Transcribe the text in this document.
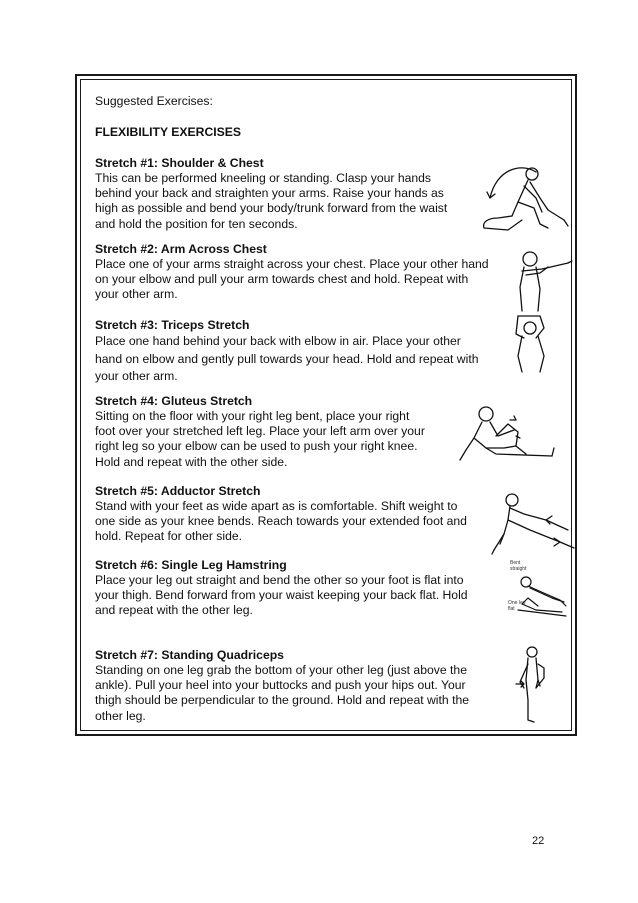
Suggested Exercises:

FLEXIBILITY EXERCISES

Stretch #1: Shoulder & Chest

This can be performed kneeling or standing. Clasp your hands
behind your back and straighten your arms. Raise your hands as
high as possible and bend your body/trunk forward from the waist
and hold the position for ten seconds.

Stretch #2: Arm Across Chest

Place one of your arms straight across your chest. Place your other hand
on your elbow and pull your arm towards chest and hold. Repeat with
your other arm.

Stretch #3: Triceps Stretch

Place one hand behind your back with elbow in air. Place your other
hand on elbow and gently pull towards your head. Hold and repeat with
your other arm.

Stretch #4: Gluteus Stretch

Sitting on the floor with your right leg bent, place your right
foot over your stretched left leg. Place your left arm over your
right leg so your elbow can be used to push your right knee.
Hold and repeat with the other side.

Stretch #5: Adductor Stretch

Stand with your feet as wide apart as is comfortable. Shift weight to
one side as your knee bends. Reach towards your extended foot and
hold. Repeat for other side.

Stretch #6: Single Leg Hamstring

Place your leg out straight and bend the other so your foot is flat into
your thigh. Bend forward from your waist keeping your back flat. Hold
and repeat with the other leg.

Stretch #7: Standing Quadriceps

Standing on one leg grab the bottom of your other leg (just above the
ankle). Pull your heel into your buttocks and push your hips out. Your
thigh should be perpendicular to the ground. Hold and repeat with the
other leg.
Bent straight
One leg flat
22
